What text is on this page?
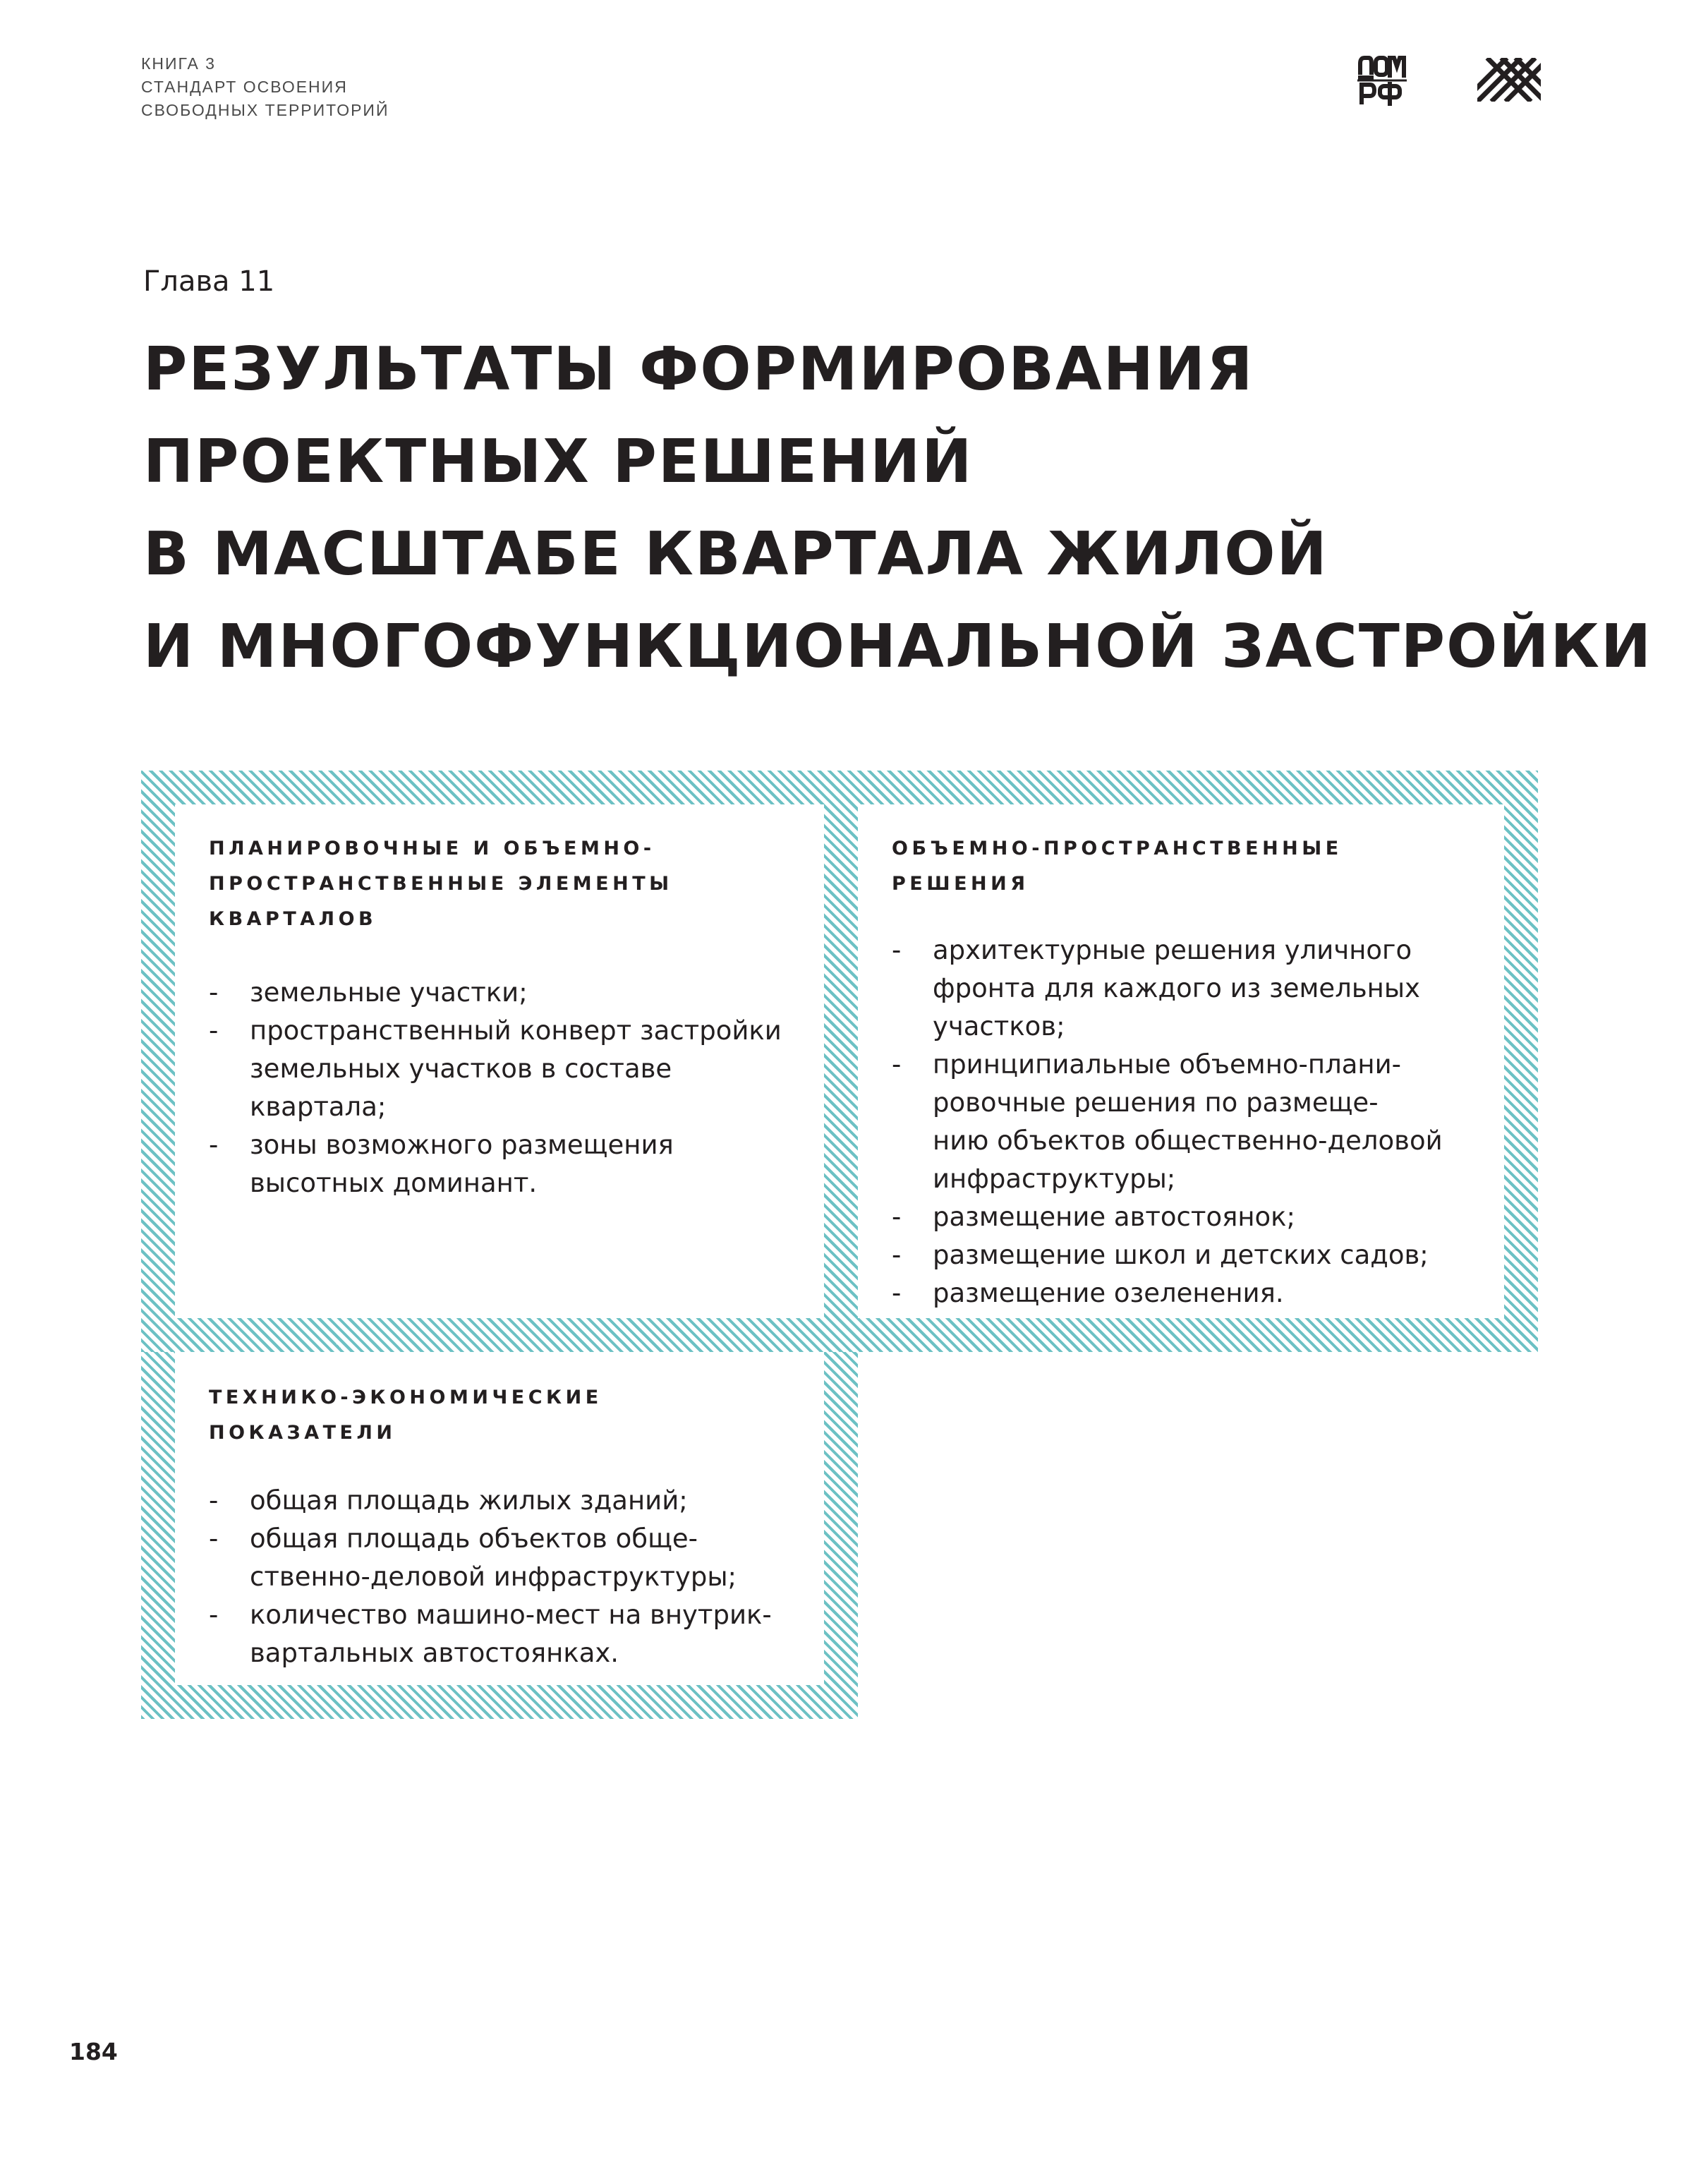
КНИГА 3
СТАНДАРТ ОСВОЕНИЯ
СВОБОДНЫХ ТЕРРИТОРИЙ
Глава 11
РЕЗУЛЬТАТЫ ФОРМИРОВАНИЯ
ПРОЕКТНЫХ РЕШЕНИЙ
В МАСШТАБЕ КВАРТАЛА ЖИЛОЙ
И МНОГОФУНКЦИОНАЛЬНОЙ ЗАСТРОЙКИ
ПЛАНИРОВОЧНЫЕ И ОБЪЕМНО-
ПРОСТРАНСТВЕННЫЕ ЭЛЕМЕНТЫ
КВАРТАЛОВ
- земельные участки;
- пространственный конверт застройки
земельных участков в составе
квартала;
- зоны возможного размещения
высотных доминант.
ОБЪЕМНО-ПРОСТРАНСТВЕННЫЕ РЕШЕНИЯ
- архитектурные решения уличного
фронта для каждого из земельных
участков;
- принципиальные объемно-плани-
ровочные решения по размеще-
нию объектов общественно-деловой
инфраструктуры;
- размещение автостоянок;
- размещение школ и детских садов;
- размещение озеленения.
ТЕХНИКО-ЭКОНОМИЧЕСКИЕ ПОКАЗАТЕЛИ
- общая площадь жилых зданий;
- общая площадь объектов обще-
ственно-деловой инфраструктуры;
- количество машино-мест на внутрик-
вартальных автостоянках.
184
